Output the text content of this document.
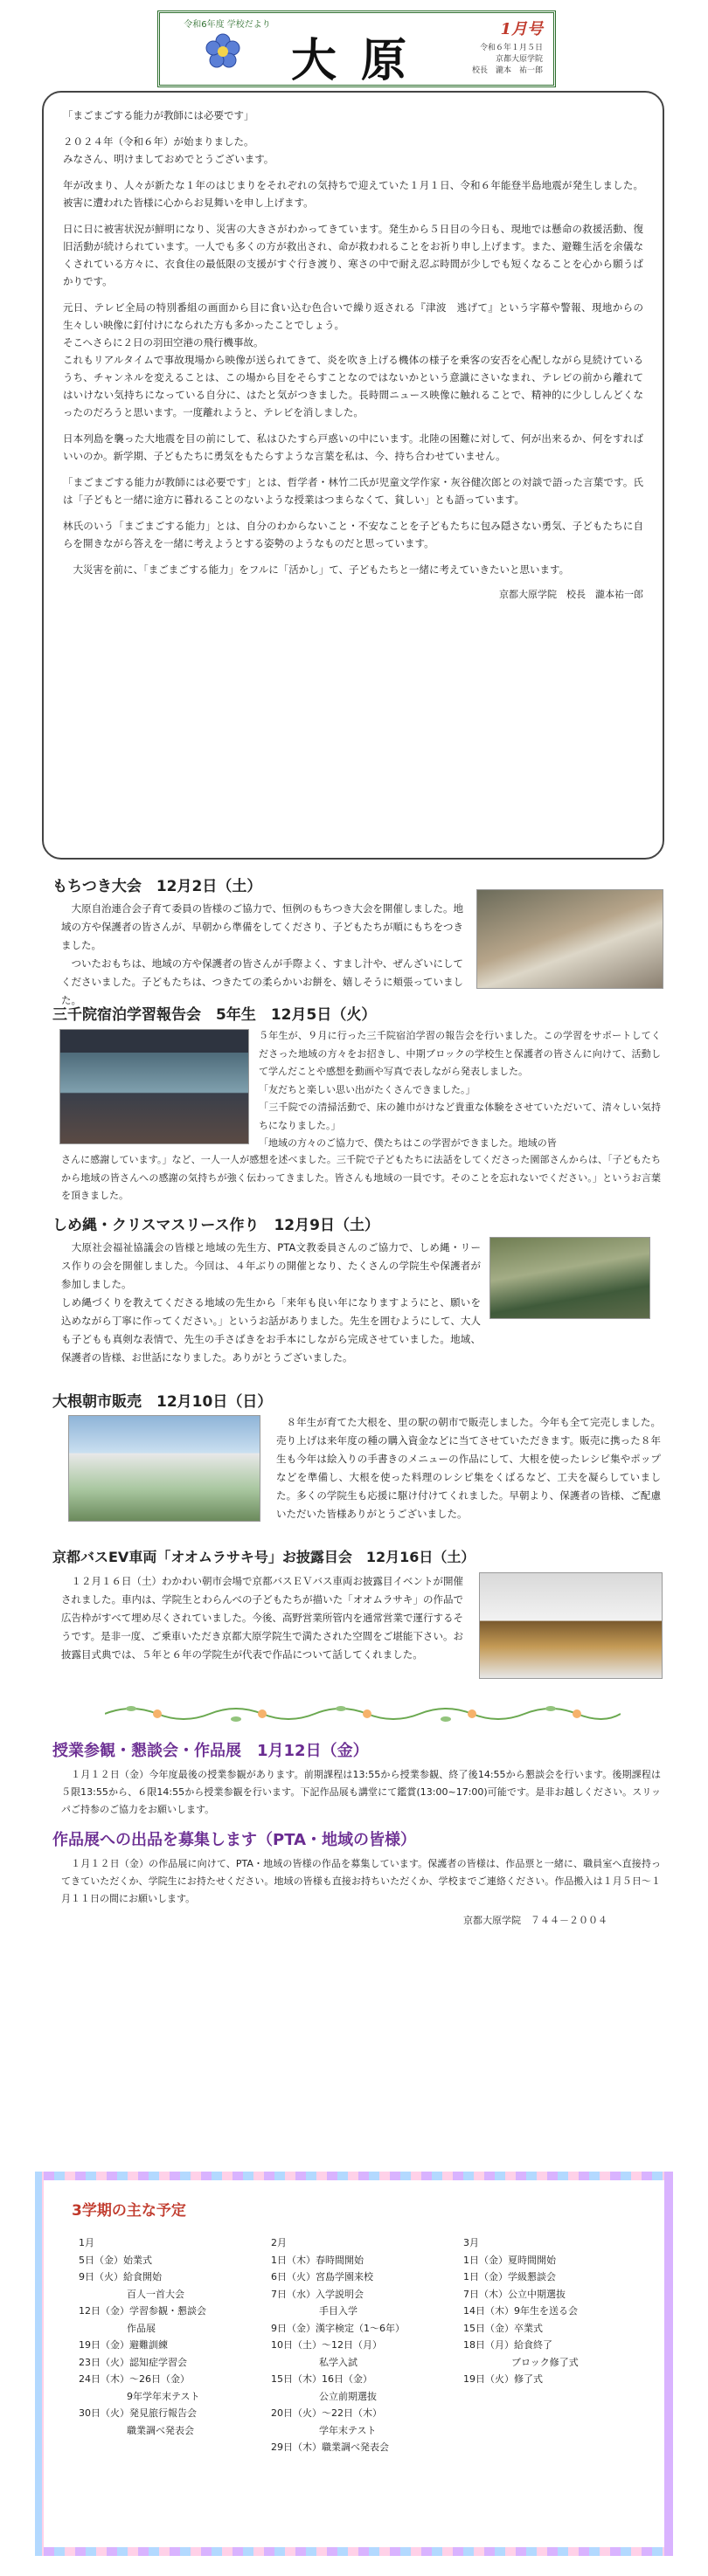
令和6年度 学校だより
大原
1月号
令和６年１月５日
京都大原学院
校長　瀧本　祐一郎

「まごまごする能力が教師には必要です」

２０２４年（令和６年）が始まりました。
みなさん、明けましておめでとうございます。

年が改まり、人々が新たな１年のはじまりをそれぞれの気持ちで迎えていた１月１日、令和６年能登半島地震が発生しました。被害に遭われた皆様に心からお見舞いを申し上げます。

日に日に被害状況が鮮明になり、災害の大きさがわかってきています。発生から５日目の今日も、現地では懸命の救援活動、復旧活動が続けられています。一人でも多くの方が救出され、命が救われることをお祈り申し上げます。また、避難生活を余儀なくされている方々に、衣食住の最低限の支援がすぐ行き渡り、寒さの中で耐え忍ぶ時間が少しでも短くなることを心から願うばかりです。

元日、テレビ全局の特別番組の画面から目に食い込む色合いで繰り返される『津波　逃げて』という字幕や警報、現地からの生々しい映像に釘付けになられた方も多かったことでしょう。
そこへさらに２日の羽田空港の飛行機事故。
これもリアルタイムで事故現場から映像が送られてきて、炎を吹き上げる機体の様子を乗客の安否を心配しながら見続けているうち、チャンネルを変えることは、この場から目をそらすことなのではないかという意識にさいなまれ、テレビの前から離れてはいけない気持ちになっている自分に、はたと気がつきました。長時間ニュース映像に触れることで、精神的に少ししんどくなったのだろうと思います。一度離れようと、テレビを消しました。

日本列島を襲った大地震を目の前にして、私はひたすら戸惑いの中にいます。北陸の困難に対して、何が出来るか、何をすればいいのか。新学期、子どもたちに勇気をもたらすような言葉を私は、今、持ち合わせていません。

「まごまごする能力が教師には必要です」とは、哲学者・林竹二氏が児童文学作家・灰谷健次郎との対談で語った言葉です。氏は「子どもと一緒に途方に暮れることのないような授業はつまらなくて、貧しい」とも語っています。

林氏のいう「まごまごする能力」とは、自分のわからないこと・不安なことを子どもたちに包み隠さない勇気、子どもたちに自らを開きながら答えを一緒に考えようとする姿勢のようなものだと思っています。

　大災害を前に、「まごまごする能力」をフルに「活かし」て、子どもたちと一緒に考えていきたいと思います。

京都大原学院　校長　瀧本祐一郎
もちつき大会　12月2日（土）
　大原自治連合会子育て委員の皆様のご協力で、恒例のもちつき大会を開催しました。地域の方や保護者の皆さんが、早朝から準備をしてくださり、子どもたちが順にもちをつきました。
　ついたおもちは、地域の方や保護者の皆さんが手際よく、すまし汁や、ぜんざいにしてくださいました。子どもたちは、つきたての柔らかいお餅を、嬉しそうに頬張っていました。
三千院宿泊学習報告会　5年生　12月5日（火）
５年生が、９月に行った三千院宿泊学習の報告会を行いました。この学習をサポートしてくださった地域の方々をお招きし、中期ブロックの学校生と保護者の皆さんに向けて、活動して学んだことや感想を動画や写真で表しながら発表しました。
「友だちと楽しい思い出がたくさんできました。」
「三千院での清掃活動で、床の雑巾がけなど貴重な体験をさせていただいて、清々しい気持ちになりました。」
「地域の方々のご協力で、僕たちはこの学習ができました。地域の皆
さんに感謝しています。」など、一人一人が感想を述べました。三千院で子どもたちに法話をしてくださった園部さんからは、「子どもたちから地域の皆さんへの感謝の気持ちが強く伝わってきました。皆さんも地域の一員です。そのことを忘れないでください。」というお言葉を頂きました。
しめ縄・クリスマスリース作り　12月9日（土）
　大原社会福祉協議会の皆様と地域の先生方、PTA文教委員さんのご協力で、しめ縄・リース作りの会を開催しました。今回は、４年ぶりの開催となり、たくさんの学院生や保護者が参加しました。
しめ縄づくりを教えてくださる地域の先生から「来年も良い年になりますようにと、願いを込めながら丁寧に作ってください。」というお話がありました。先生を囲むようにして、大人も子どもも真剣な表情で、先生の手さばきをお手本にしながら完成させていました。地域、保護者の皆様、お世話になりました。ありがとうございました。
大根朝市販売　12月10日（日）
　８年生が育てた大根を、里の駅の朝市で販売しました。今年も全て完売しました。売り上げは来年度の種の購入資金などに当てさせていただきます。販売に携った８年生も今年は絵入りの手書きのメニューの作品にして、大根を使ったレシピ集やポップなどを準備し、大根を使った料理のレシピ集をくばるなど、工夫を凝らしていました。多くの学院生も応援に駆け付けてくれました。早朝より、保護者の皆様、ご配慮いただいた皆様ありがとうございました。
京都バスEV車両「オオムラサキ号」お披露目会　12月16日（土）
　１２月１６日（土）わかわい朝市会場で京都バスＥＶバス車両お披露目イベントが開催されました。車内は、学院生とわらんべの子どもたちが描いた「オオムラサキ」の作品で広告枠がすべて埋め尽くされていました。今後、高野営業所管内を通常営業で運行するそうです。是非一度、ご乗車いただき京都大原学院生で満たされた空間をご堪能下さい。お披露目式典では、５年と６年の学院生が代表で作品について話してくれました。
授業参観・懇談会・作品展　1月12日（金）
　１月１２日（金）今年度最後の授業参観があります。前期課程は13:55から授業参観、終了後14:55から懇談会を行います。後期課程は５限13:55から、６限14:55から授業参観を行います。下記作品展も講堂にて鑑賞(13:00~17:00)可能です。是非お越しください。スリッパご持参のご協力をお願いします。
作品展への出品を募集します（PTA・地域の皆様）
　１月１２日（金）の作品展に向けて、PTA・地域の皆様の作品を募集しています。保護者の皆様は、作品票と一緒に、職員室へ直接持ってきていただくか、学院生にお持たせください。地域の皆様も直接お持ちいただくか、学校までご連絡ください。作品搬入は１月５日～１月１１日の間にお願いします。
京都大原学院　７４４－２００４
3学期の主な予定
1月
5日（金）始業式
9日（火）給食開始
　　　　　百人一首大会
12日（金）学習参観・懇談会
　　　　　作品展
19日（金）避難訓練
23日（火）認知症学習会
24日（木）～26日（金）
　　　　　9年学年末テスト
30日（火）発見旅行報告会
　　　　　職業調べ発表会
2月
1日（木）春時間開始
6日（火）宮島学園来校
7日（水）入学説明会
　　　　　手目入学
9日（金）漢字検定（1～6年）
10日（土）～12日（月）
　　　　　私学入試
15日（木）16日（金）
　　　　　公立前期選抜
20日（火）～22日（木）
　　　　　学年末テスト
29日（木）職業調べ発表会
3月
1日（金）夏時間開始
1日（金）学級懇談会
7日（木）公立中期選抜
14日（木）9年生を送る会
15日（金）卒業式
18日（月）給食終了
　　　　　ブロック修了式
19日（火）修了式
